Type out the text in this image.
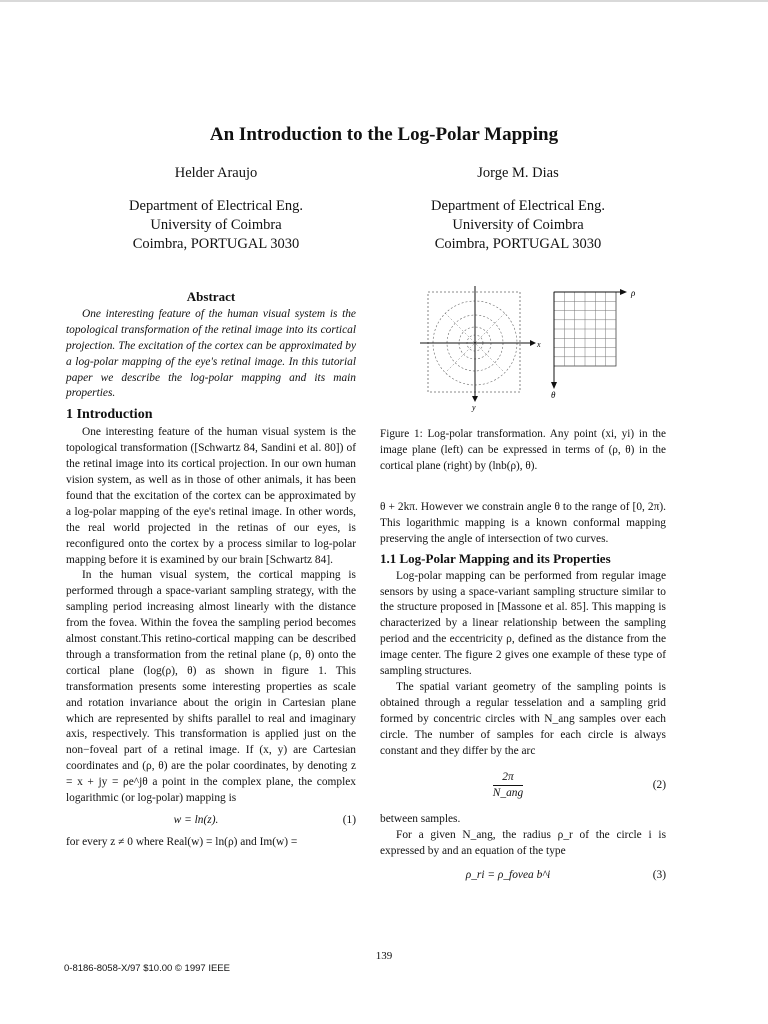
An Introduction to the Log-Polar Mapping
Helder Araujo
Department of Electrical Eng.
University of Coimbra
Coimbra, PORTUGAL 3030
Jorge M. Dias
Department of Electrical Eng.
University of Coimbra
Coimbra, PORTUGAL 3030
Abstract

One interesting feature of the human visual system is the topological transformation of the retinal image into its cortical projection. The excitation of the cortex can be approximated by a log-polar mapping of the eye's retinal image. In this tutorial paper we describe the log-polar mapping and its main properties.

1 Introduction

One interesting feature of the human visual system is the topological transformation ([Schwartz 84, Sandini et al. 80]) of the retinal image into its cortical projection. In our own human vision system, as well as in those of other animals, it has been found that the excitation of the cortex can be approximated by a log-polar mapping of the eye's retinal image. In other words, the real world projected in the retinas of our eyes, is reconfigured onto the cortex by a process similar to log-polar mapping before it is examined by our brain [Schwartz 84].

In the human visual system, the cortical mapping is performed through a space-variant sampling strategy, with the sampling period increasing almost linearly with the distance from the fovea. Within the fovea the sampling period becomes almost constant.This retino-cortical mapping can be described through a transformation from the retinal plane (ρ, θ) onto the cortical plane (log(ρ), θ) as shown in figure 1. This transformation presents some interesting properties as scale and rotation invariance about the origin in Cartesian plane which are represented by shifts parallel to real and imaginary axis, respectively. This transformation is applied just on the non−foveal part of a retinal image. If (x, y) are Cartesian coordinates and (ρ, θ) are the polar coordinates, by denoting z = x + jy = ρe^jθ a point in the complex plane, the complex logarithmic (or log-polar) mapping is

w = ln(z).	(1)

for every z ≠ 0 where Real(w) = ln(ρ) and Im(w) =

x
y
ρ
θ

Figure 1: Log-polar transformation. Any point (xi, yi) in the image plane (left) can be expressed in terms of (ρ, θ) in the cortical plane (right) by (lnb(ρ), θ).

θ + 2kπ. However we constrain angle θ to the range of [0, 2π). This logarithmic mapping is a known conformal mapping preserving the angle of intersection of two curves.

1.1 Log-Polar Mapping and its Properties

Log-polar mapping can be performed from regular image sensors by using a space-variant sampling structure similar to the structure proposed in [Massone et al. 85]. This mapping is characterized by a linear relationship between the sampling period and the eccentricity ρ, defined as the distance from the image center. The figure 2 gives one example of these type of sampling structures.

The spatial variant geometry of the sampling points is obtained through a regular tesselation and a sampling grid formed by concentric circles with N_ang samples over each circle. The number of samples for each circle is always constant and they differ by the arc

$\frac{2\pi}{\text{N\_ang}}$	(2)

between samples.

For a given N_ang, the radius ρ_r of the circle i is expressed by and an equation of the type

ρ_ri = ρ_fovea b^i	(3)
139
0-8186-8058-X/97 $10.00 © 1997 IEEE
